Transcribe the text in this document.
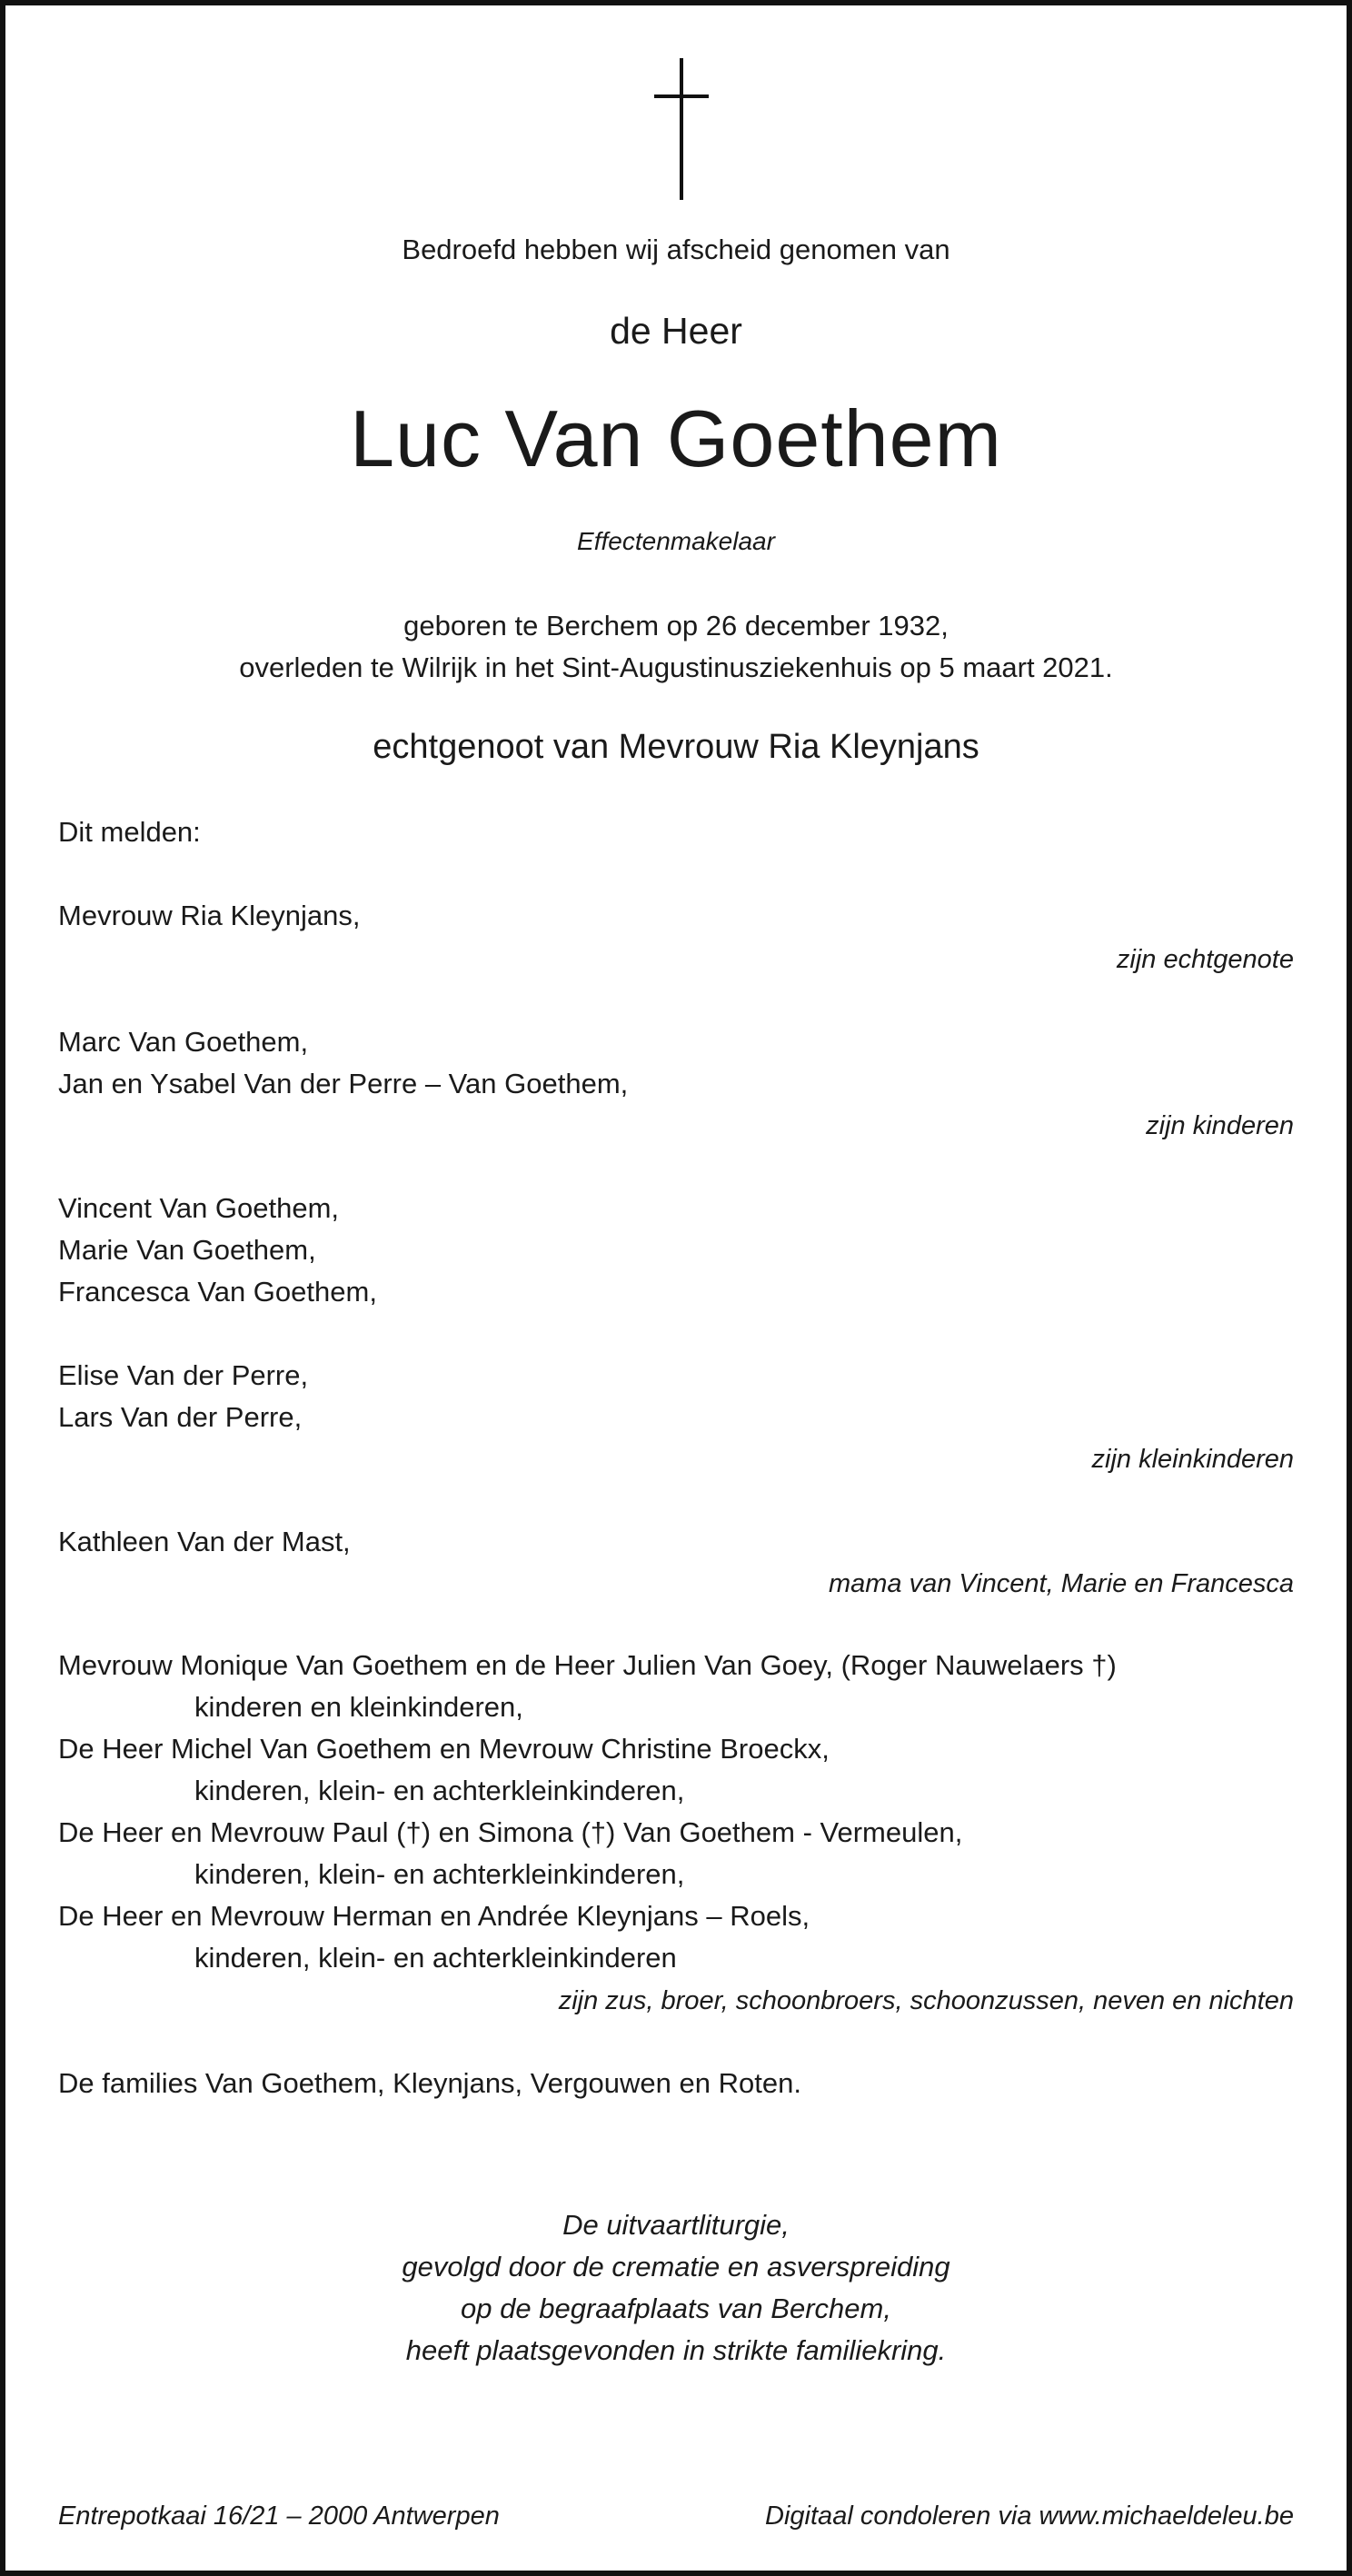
Bedroefd hebben wij afscheid genomen van
de Heer
Luc Van Goethem
Effectenmakelaar
geboren te Berchem op 26 december 1932,
overleden te Wilrijk in het Sint-Augustinusziekenhuis op 5 maart 2021.
echtgenoot van Mevrouw Ria Kleynjans
Dit melden:
Mevrouw Ria Kleynjans,
zijn echtgenote
Marc Van Goethem,
Jan en Ysabel Van der Perre – Van Goethem,
zijn kinderen
Vincent Van Goethem,
Marie Van Goethem,
Francesca Van Goethem,
Elise Van der Perre,
Lars Van der Perre,
zijn kleinkinderen
Kathleen Van der Mast,
mama van Vincent, Marie en Francesca
Mevrouw Monique Van Goethem en de Heer Julien Van Goey, (Roger Nauwelaers †)
kinderen en kleinkinderen,
De Heer Michel Van Goethem en Mevrouw Christine Broeckx,
kinderen, klein- en achterkleinkinderen,
De Heer en Mevrouw Paul (†) en Simona (†) Van Goethem - Vermeulen,
kinderen, klein- en achterkleinkinderen,
De Heer en Mevrouw Herman en Andrée Kleynjans – Roels,
kinderen, klein- en achterkleinkinderen
zijn zus, broer, schoonbroers, schoonzussen, neven en nichten
De families Van Goethem, Kleynjans, Vergouwen en Roten.
De uitvaartliturgie,
gevolgd door de crematie en asverspreiding
op de begraafplaats van Berchem,
heeft plaatsgevonden in strikte familiekring.
Entrepotkaai 16/21 – 2000 Antwerpen	Digitaal condoleren via www.michaeldeleu.be
